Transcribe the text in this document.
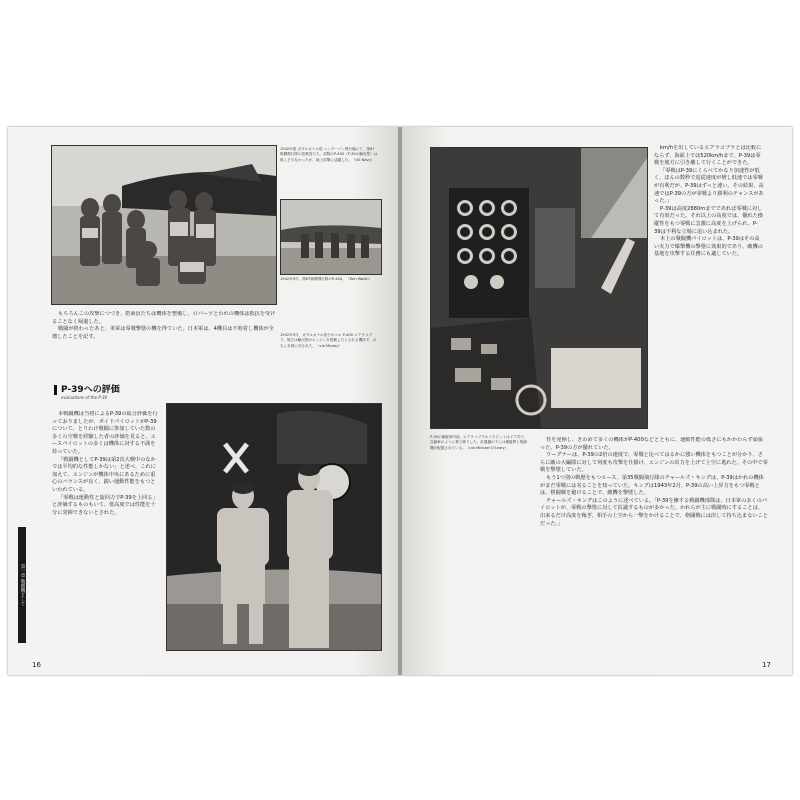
1942年夏 ガダルカナル島 ヘンダーソン飛行場にて、第67戦闘飛行隊の搭乗員たち。部隊のP-400（P-39の輸出型）は数こそ少なかったが、地上攻撃に活躍した。（US Navy）
1942年9月、第67戦闘飛行隊のP-400。（Tom Walsh）
1942年9月、ガダルカナル島でのベル P-400 エアラコブラ。後方は輸出型のエンジンを搭載したとされる機体で、のちに本国に戻された。（via Mickey）

もちろんこの攻撃につづき、搭乗員たちは機体を整備し、ロバーツとわれの機体は抵抗を受けることなく帰還した。

戦闘が終わったあと、米軍は零戦撃墜の機を得ていた。日本軍は、4機目は不時着し機体が全壊したことを記す。

P-39への評価
evaluations of the P-39

本戦闘機は当初によるP-39の総合評価を行っておりましたが、ボイドパイロットがP-39について、とりわけ戦闘に参加していた数の多くの空戦を経験した者の評価を見ると、エースパイロットの多くは機体に対する不満を持っていた。

「戦闘機としてP-39は第2次大戦中のなかでは平均的な性能しかない」と述べ、これに加えて、エンジンが機体中央にあるために重心のバランスが良く、鋭い運動性能をもつといわれている。

「零戦は運動性と旋回力でP-39を上回る」と評価するものもいて、低高度では性能を十分に発揮できないとされた。

第一章 戦闘機として
16
P-39の操縦席内部。エアラコブラのコクピットはドア式で、自動車のように乗り降りした。計器盤の下には操縦桿と無線機が配置されている。（via Michael O'Leary）

km/hを出しているエアラコブラとは比較にならず、海面上では520km/hまで、P-39は零戦を後方に引き離して行くことができた。

「零戦はP-39にくらべてかなり加速性が低く、ほんの数秒で追従速度が増し低速では零戦が有利だが、P-39はずっと速い。その結果、高速ではP-39の方が零戦より勝利のチャンスがあった。」

P-39は高度2880mまでであれば零戦に対して有効だった。それ以上の高度では、優れた操縦性をもつ零戦に急激に高度を上げられ、P-39は不利な立場に追い込まれた。

本土の戦闘機パイロットは、P-39はその高い火力で爆撃機の撃墜に効果的であり、敵機の基地を攻撃する任務にも適していた。

性を発揮し、きわめて多くの機体がP-400などとともに、運動性能の低さにもかかわらず頑張った、P-39の方が優れていた。

ワーグナーは、P-39の2倍の速度で、零戦と比べてはるかに強い機体をもつことが分かり、さらに敵の大編隊に対して何度も攻撃を仕掛け、エンジンの出力を上げて上空に逃れた。その中で零戦を撃墜していた。

もう1つ別の戦歴をもつエース、第35戦闘飛行隊のチャールズ・キングは、P-39はかれの機体がまだ零戦には劣ることを知っていた。キングは1943年2月、P-39の高い上昇力をもつ零戦とは、格闘戦を避けることで、敵機を撃墜した。

チャールズ・キングはこのように述べている。「P-39を擁する戦闘機部隊は、日本軍の多くのパイロットが、零戦の撃墜に対して抗議するものが多かった。かれらが主に戦闘時にすることは、出来るだけ高度を稼ぎ、相手の上空から一撃をかけることで、格闘戦には決して持ち込まないことだった。」

17
